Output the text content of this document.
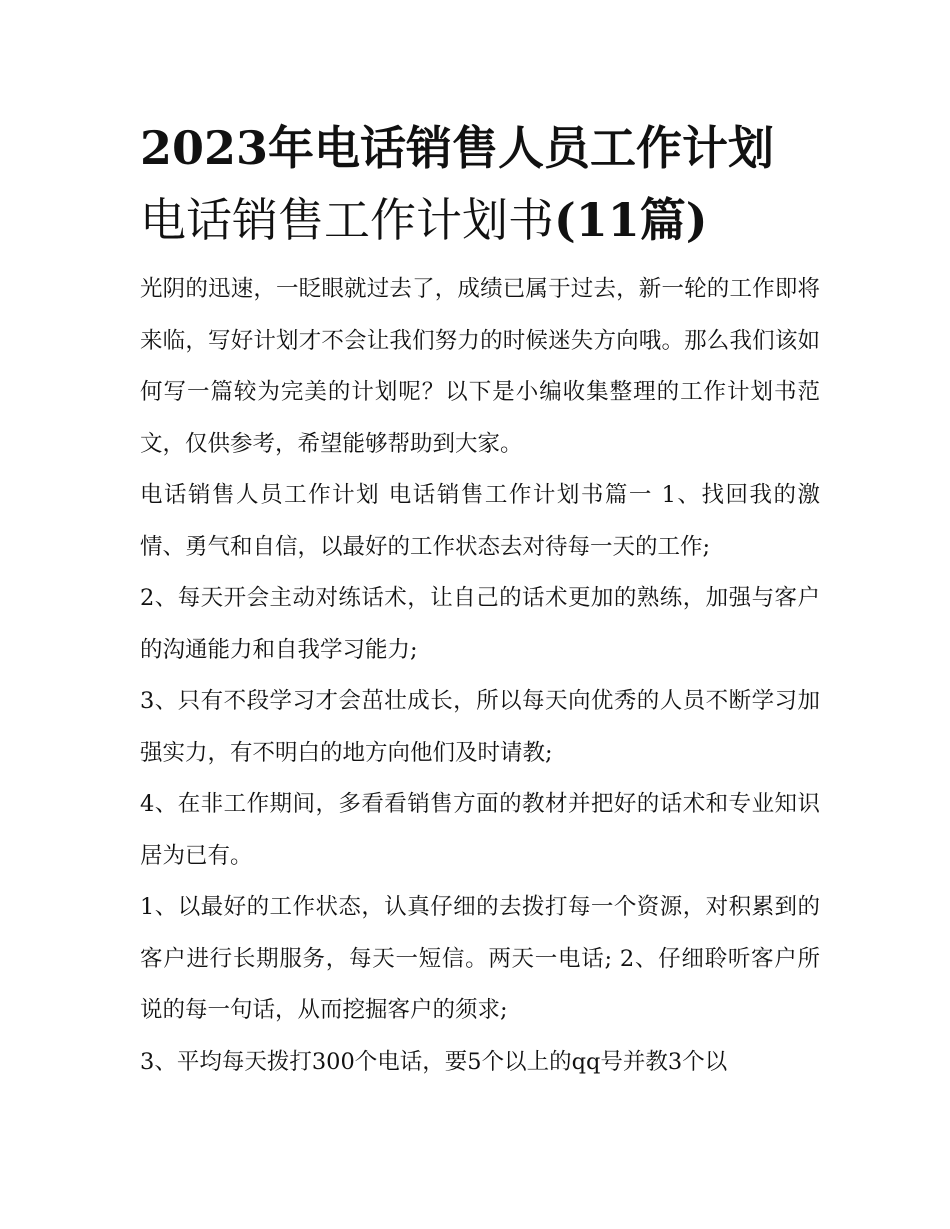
2023年电话销售人员工作计划
电话销售工作计划书(11篇)

光阴的迅速，一眨眼就过去了，成绩已属于过去，新一轮的工作即将来临，写好计划才不会让我们努力的时候迷失方向哦。那么我们该如何写一篇较为完美的计划呢？以下是小编收集整理的工作计划书范文，仅供参考，希望能够帮助到大家。

电话销售人员工作计划 电话销售工作计划书篇一 1、找回我的激情、勇气和自信，以最好的工作状态去对待每一天的工作;

2、每天开会主动对练话术，让自己的话术更加的熟练，加强与客户的沟通能力和自我学习能力;

3、只有不段学习才会茁壮成长，所以每天向优秀的人员不断学习加强实力，有不明白的地方向他们及时请教;

4、在非工作期间，多看看销售方面的教材并把好的话术和专业知识居为已有。

1、以最好的工作状态，认真仔细的去拨打每一个资源，对积累到的客户进行长期服务，每天一短信。两天一电话; 2、仔细聆听客户所说的每一句话，从而挖掘客户的须求;

3、平均每天拨打300个电话，要5个以上的qq号并教3个以
